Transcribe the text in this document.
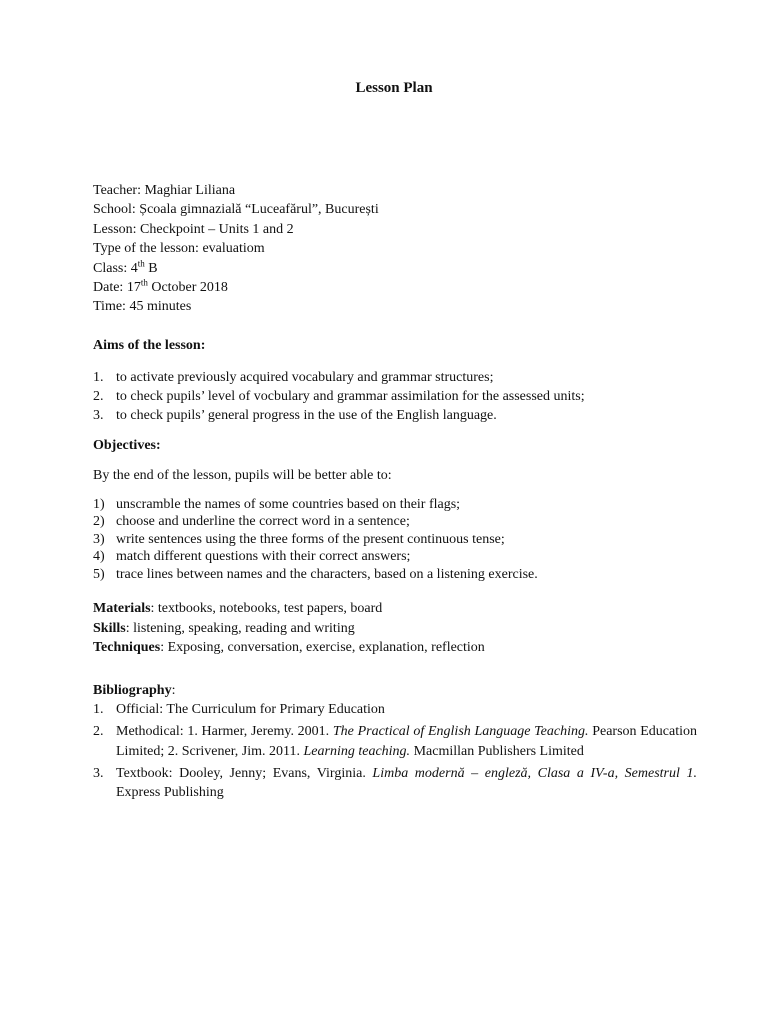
Lesson Plan
Teacher: Maghiar Liliana
School: Școala gimnazială “Luceafărul”, București
Lesson: Checkpoint – Units 1 and 2
Type of the lesson: evaluatiom
Class: 4th B
Date: 17th October 2018
Time: 45 minutes
Aims of the lesson:
1. to activate previously acquired vocabulary and grammar structures;
2. to check pupils’ level of vocbulary and grammar assimilation for the assessed units;
3. to check pupils’ general progress in the use of the English language.
Objectives:
By the end of the lesson, pupils will be better able to:
1) unscramble the names of some countries based on their flags;
2) choose and underline the correct word in a sentence;
3) write sentences using the three forms of the present continuous tense;
4) match different questions with their correct answers;
5) trace lines between names and the characters, based on a listening exercise.
Materials: textbooks, notebooks, test papers, board
Skills: listening, speaking, reading and writing
Techniques: Exposing, conversation, exercise, explanation, reflection
Bibliography:
1. Official: The Curriculum for Primary Education
2. Methodical: 1. Harmer, Jeremy. 2001. The Practical of English Language Teaching. Pearson Education Limited; 2. Scrivener, Jim. 2011. Learning teaching. Macmillan Publishers Limited
3. Textbook: Dooley, Jenny; Evans, Virginia. Limba modernă – engleză, Clasa a IV-a, Semestrul 1. Express Publishing
